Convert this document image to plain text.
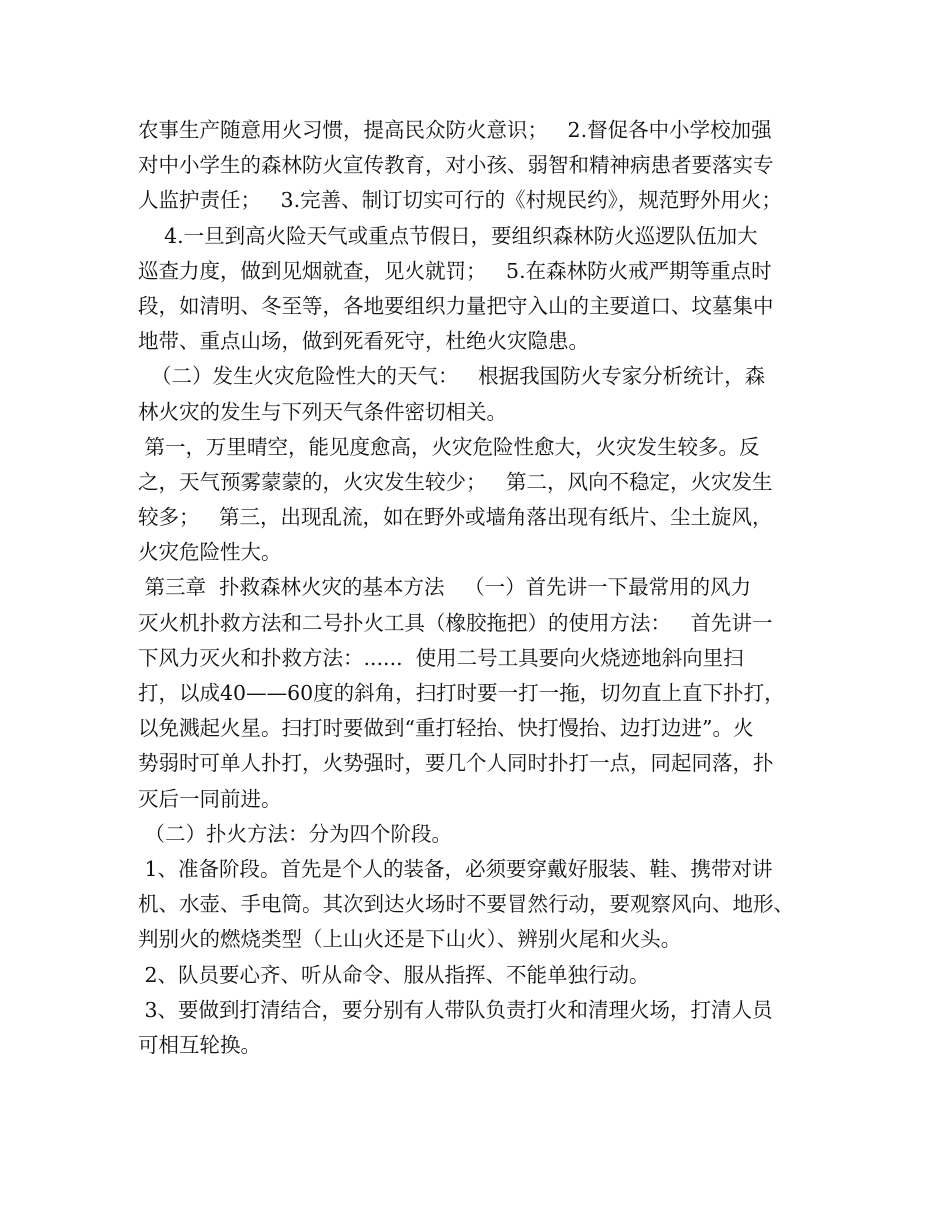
农事生产随意用火习惯，提高民众防火意识；   2.督促各中小学校加强
对中小学生的森林防火宣传教育，对小孩、弱智和精神病患者要落实专
人监护责任；   3.完善、制订切实可行的《村规民约》，规范野外用火；
4.一旦到高火险天气或重点节假日，要组织森林防火巡逻队伍加大
巡查力度，做到见烟就查，见火就罚；   5.在森林防火戒严期等重点时
段，如清明、冬至等，各地要组织力量把守入山的主要道口、坟墓集中
地带、重点山场，做到死看死守，杜绝火灾隐患。
（二）发生火灾危险性大的天气：   根据我国防火专家分析统计，森
林火灾的发生与下列天气条件密切相关。
第一，万里晴空，能见度愈高，火灾危险性愈大，火灾发生较多。反
之，天气预雾蒙蒙的，火灾发生较少；   第二，风向不稳定，火灾发生
较多；   第三，出现乱流，如在野外或墙角落出现有纸片、尘土旋风，
火灾危险性大。
第三章  扑救森林火灾的基本方法   （一）首先讲一下最常用的风力
灭火机扑救方法和二号扑火工具（橡胶拖把）的使用方法：   首先讲一
下风力灭火和扑救方法：......  使用二号工具要向火烧迹地斜向里扫
打，以成40——60度的斜角，扫打时要一打一拖，切勿直上直下扑打，
以免溅起火星。扫打时要做到“重打轻抬、快打慢抬、边打边进”。火
势弱时可单人扑打，火势强时，要几个人同时扑打一点，同起同落，扑
灭后一同前进。
（二）扑火方法：分为四个阶段。
1、准备阶段。首先是个人的装备，必须要穿戴好服装、鞋、携带对讲
机、水壶、手电筒。其次到达火场时不要冒然行动，要观察风向、地形、
判别火的燃烧类型（上山火还是下山火）、辨别火尾和火头。
2、队员要心齐、听从命令、服从指挥、不能单独行动。
3、要做到打清结合，要分别有人带队负责打火和清理火场，打清人员
可相互轮换。
